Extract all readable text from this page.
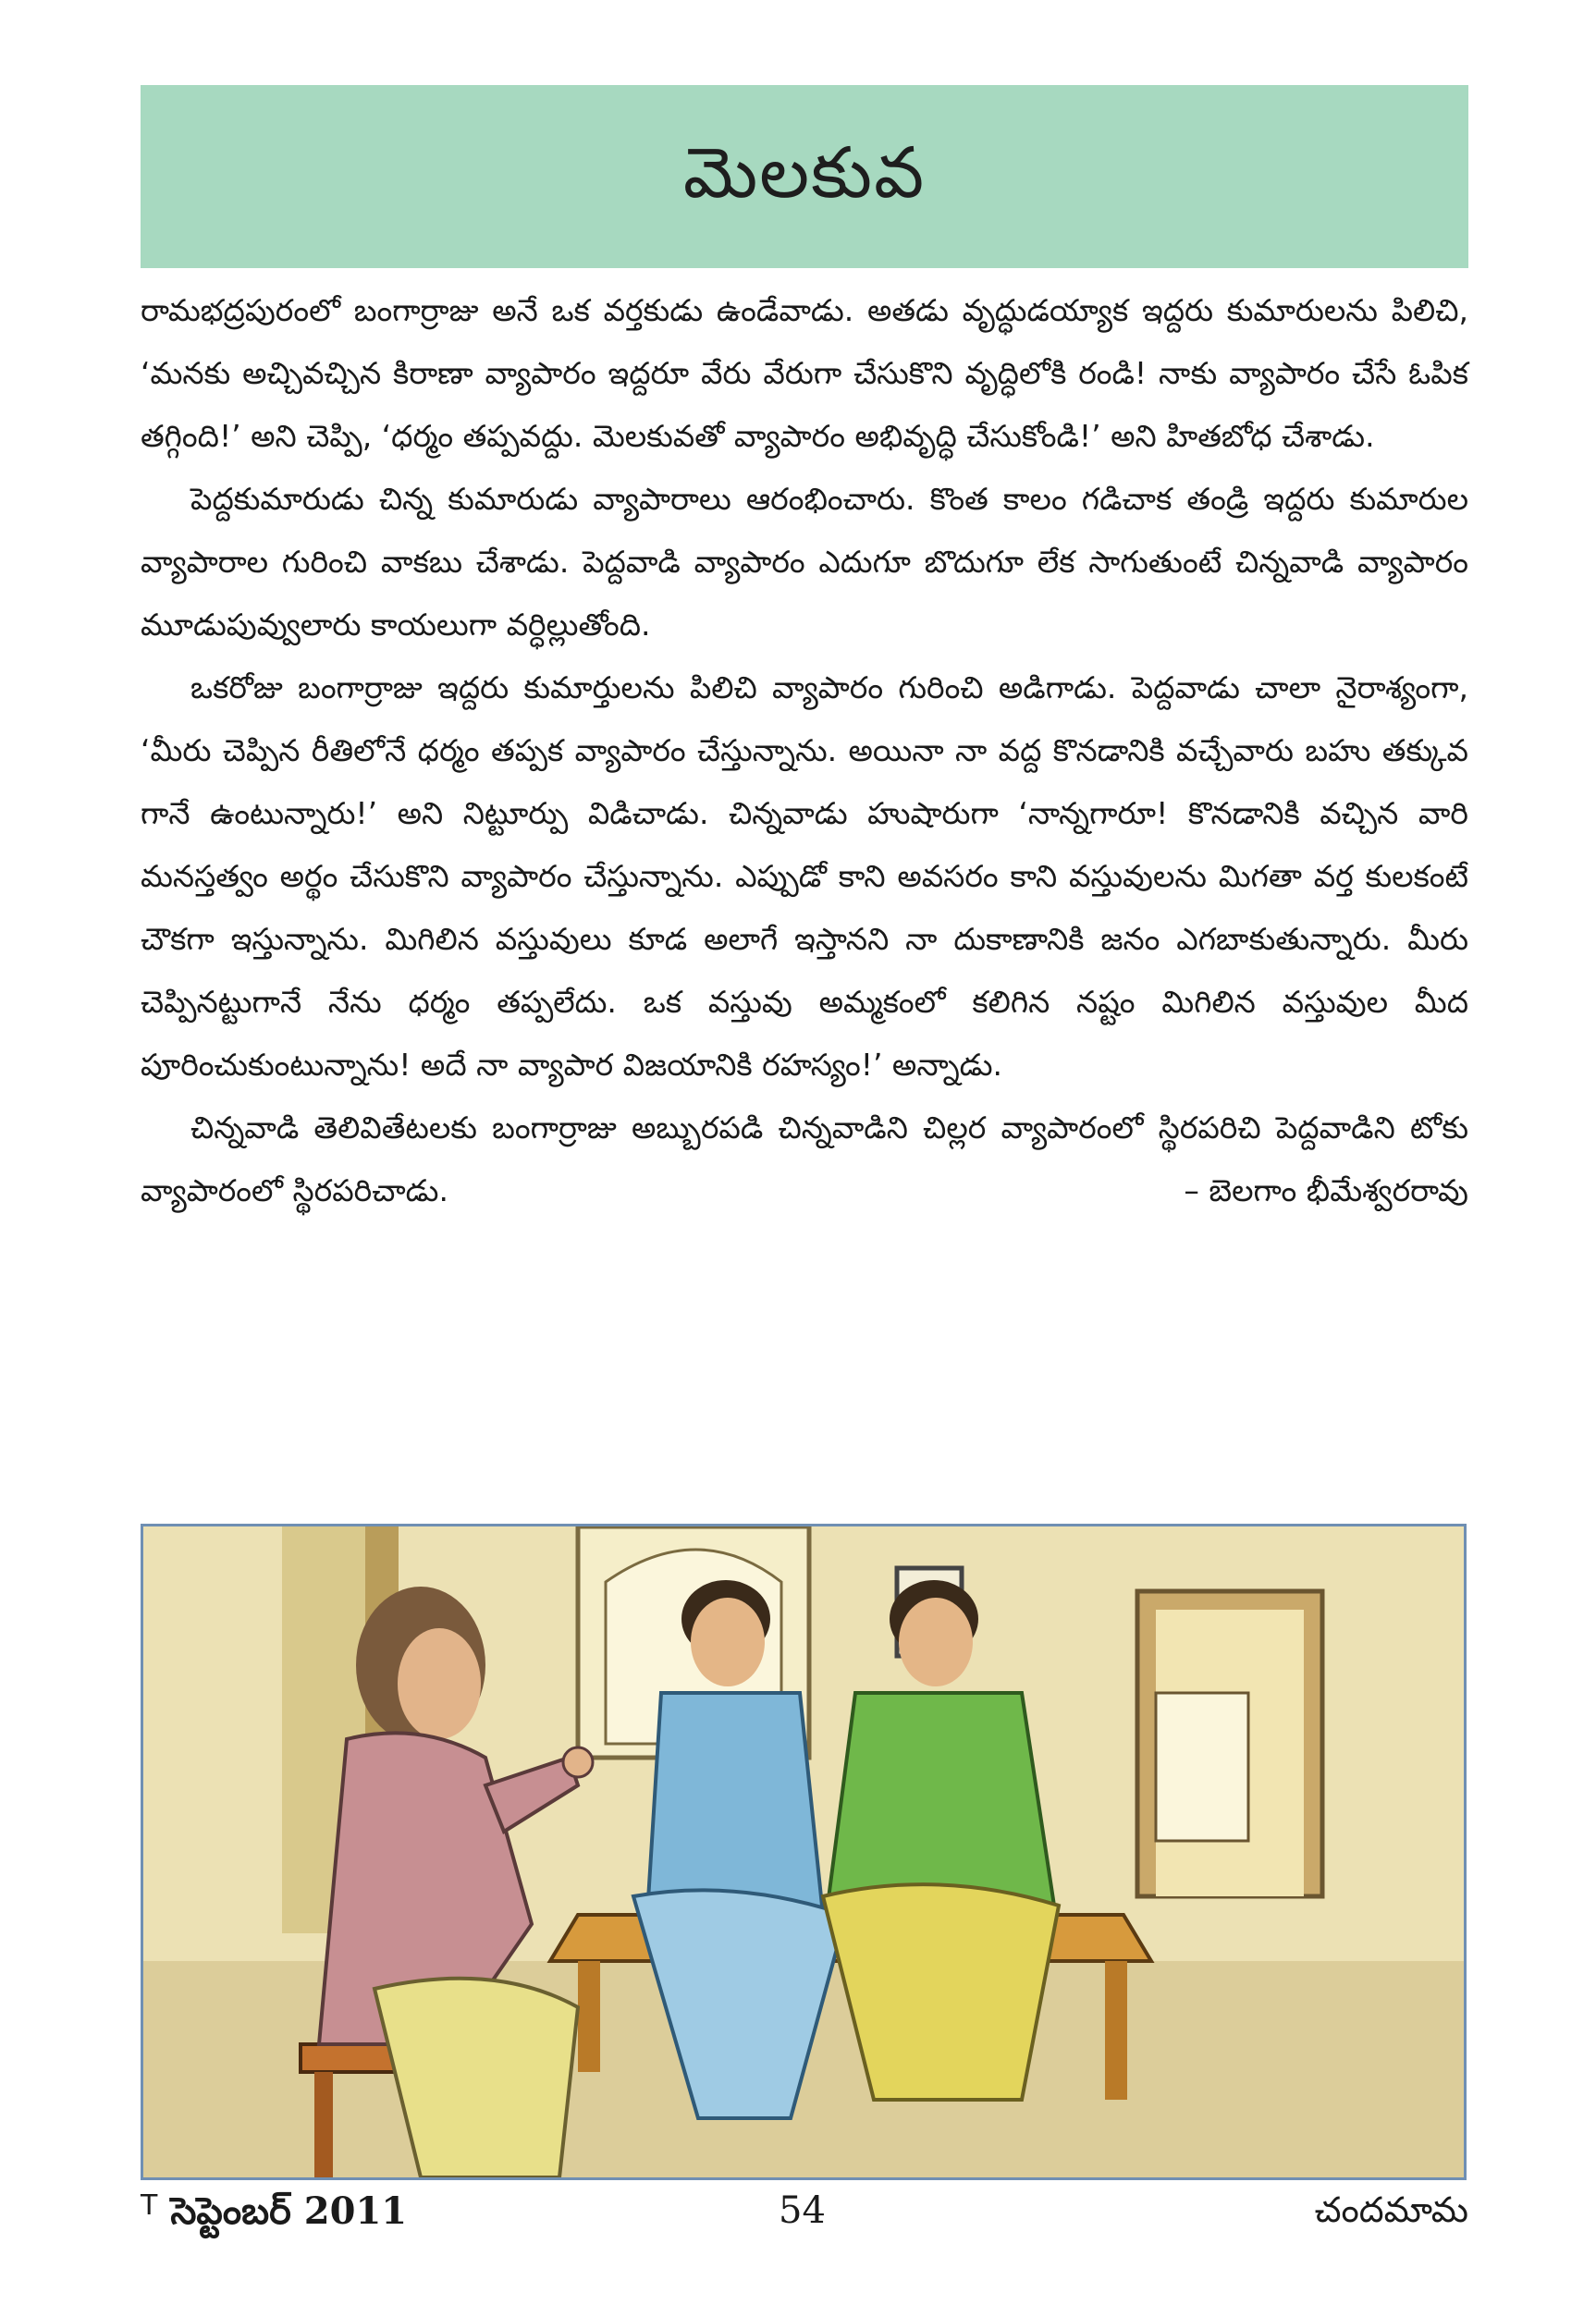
మెలకువ

రామభద్రపురంలో బంగార్రాజు అనే ఒక వర్తకుడు ఉండేవాడు. అతడు వృద్ధుడయ్యాక ఇద్దరు కుమారులను పిలిచి, ‘మనకు అచ్చివచ్చిన కిరాణా వ్యాపారం ఇద్దరూ వేరు వేరుగా చేసుకొని వృద్ధిలోకి రండి! నాకు వ్యాపారం చేసే ఓపిక తగ్గింది!’ అని చెప్పి, ‘ధర్మం తప్పవద్దు. మెలకువతో వ్యాపారం అభివృద్ధి చేసుకోండి!’ అని హితబోధ చేశాడు.

పెద్దకుమారుడు చిన్న కుమారుడు వ్యాపారాలు ఆరంభించారు. కొంత కాలం గడిచాక తండ్రి ఇద్దరు కుమారుల వ్యాపారాల గురించి వాకబు చేశాడు. పెద్దవాడి వ్యాపారం ఎదుగూ బొదుగూ లేక సాగుతుంటే చిన్నవాడి వ్యాపారం మూడుపువ్వులారు కాయలుగా వర్ధిల్లుతోంది.

ఒకరోజు బంగార్రాజు ఇద్దరు కుమార్తులను పిలిచి వ్యాపారం గురించి అడిగాడు. పెద్దవాడు చాలా నైరాశ్యంగా, ‘మీరు చెప్పిన రీతిలోనే ధర్మం తప్పక వ్యాపారం చేస్తున్నాను. అయినా నా వద్ద కొనడానికి వచ్చేవారు బహు తక్కువ గానే ఉంటున్నారు!’ అని నిట్టూర్పు విడిచాడు. చిన్నవాడు హుషారుగా ‘నాన్నగారూ! కొనడానికి వచ్చిన వారి మనస్తత్వం అర్థం చేసుకొని వ్యాపారం చేస్తున్నాను. ఎప్పుడో కాని అవసరం కాని వస్తువులను మిగతా వర్త కులకంటే చౌకగా ఇస్తున్నాను. మిగిలిన వస్తువులు కూడ అలాగే ఇస్తానని నా దుకాణానికి జనం ఎగబాకుతున్నారు. మీరు చెప్పినట్టుగానే నేను ధర్మం తప్పలేదు. ఒక వస్తువు అమ్మకంలో కలిగిన నష్టం మిగిలిన వస్తువుల మీద పూరించుకుంటున్నాను! అదే నా వ్యాపార విజయానికి రహస్యం!’ అన్నాడు.

చిన్నవాడి తెలివితేటలకు బంగార్రాజు అబ్బురపడి చిన్నవాడిని చిల్లర వ్యాపారంలో స్థిరపరిచి పెద్దవాడిని టోకు వ్యాపారంలో స్థిరపరిచాడు.	– బెలగాం భీమేశ్వరరావు

$^T$ సెప్టెంబర్ 2011	54	చందమామ
